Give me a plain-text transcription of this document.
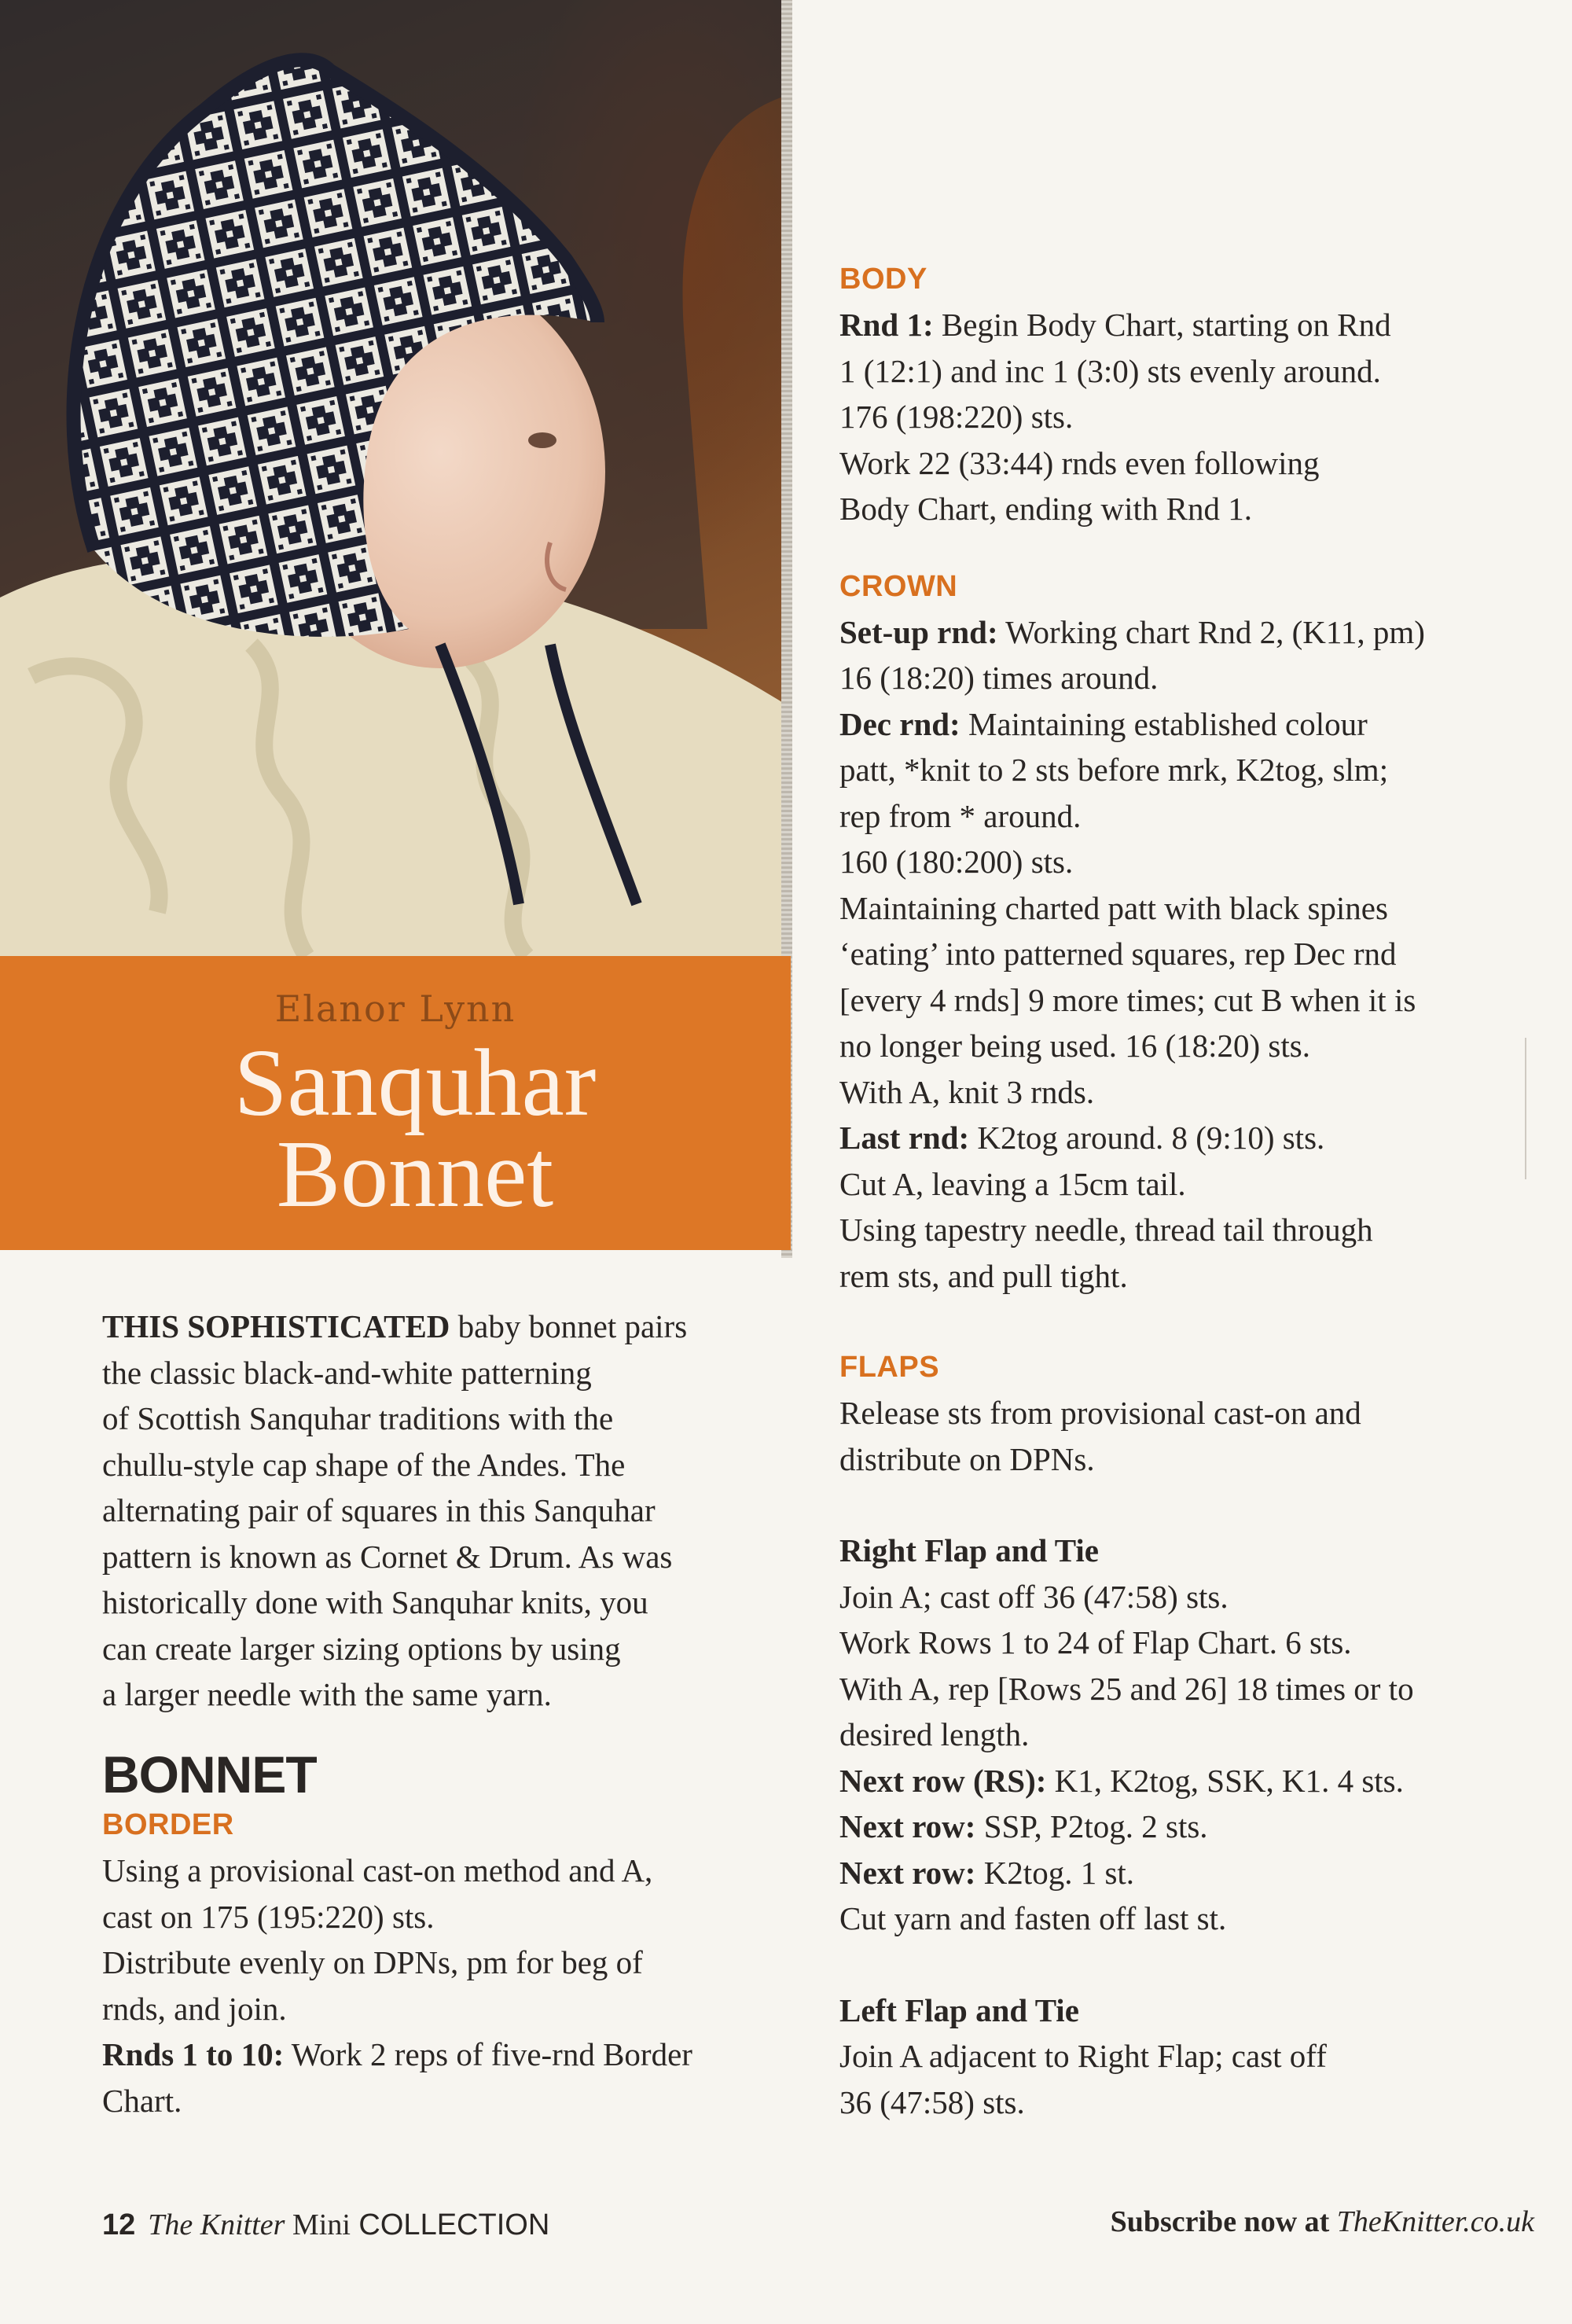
Elanor Lynn
Sanquhar
Bonnet

THIS SOPHISTICATED baby bonnet pairs

the classic black-and-white patterning

of Scottish Sanquhar traditions with the

chullu-style cap shape of the Andes. The

alternating pair of squares in this Sanquhar

pattern is known as Cornet & Drum. As was

historically done with Sanquhar knits, you

can create larger sizing options by using

a larger needle with the same yarn.

BONNET
BORDER

Using a provisional cast-on method and A,

cast on 175 (195:220) sts.

Distribute evenly on DPNs, pm for beg of

rnds, and join.

Rnds 1 to 10: Work 2 reps of five-rnd Border

Chart.

BODY

Rnd 1: Begin Body Chart, starting on Rnd

1 (12:1) and inc 1 (3:0) sts evenly around.

176 (198:220) sts.

Work 22 (33:44) rnds even following

Body Chart, ending with Rnd 1.

CROWN

Set-up rnd: Working chart Rnd 2, (K11, pm)

16 (18:20) times around.

Dec rnd: Maintaining established colour

patt, *knit to 2 sts before mrk, K2tog, slm;

rep from * around.

160 (180:200) sts.

Maintaining charted patt with black spines

‘eating’ into patterned squares, rep Dec rnd

[every 4 rnds] 9 more times; cut B when it is

no longer being used. 16 (18:20) sts.

With A, knit 3 rnds.

Last rnd: K2tog around. 8 (9:10) sts.

Cut A, leaving a 15cm tail.

Using tapestry needle, thread tail through

rem sts, and pull tight.

FLAPS

Release sts from provisional cast-on and

distribute on DPNs.

Right Flap and Tie

Join A; cast off 36 (47:58) sts.

Work Rows 1 to 24 of Flap Chart. 6 sts.

With A, rep [Rows 25 and 26] 18 times or to

desired length.

Next row (RS): K1, K2tog, SSK, K1. 4 sts.

Next row: SSP, P2tog. 2 sts.

Next row: K2tog. 1 st.

Cut yarn and fasten off last st.

Left Flap and Tie

Join A adjacent to Right Flap; cast off

36 (47:58) sts.

12 The Knitter Mini COLLECTION	Subscribe now at TheKnitter.co.uk
